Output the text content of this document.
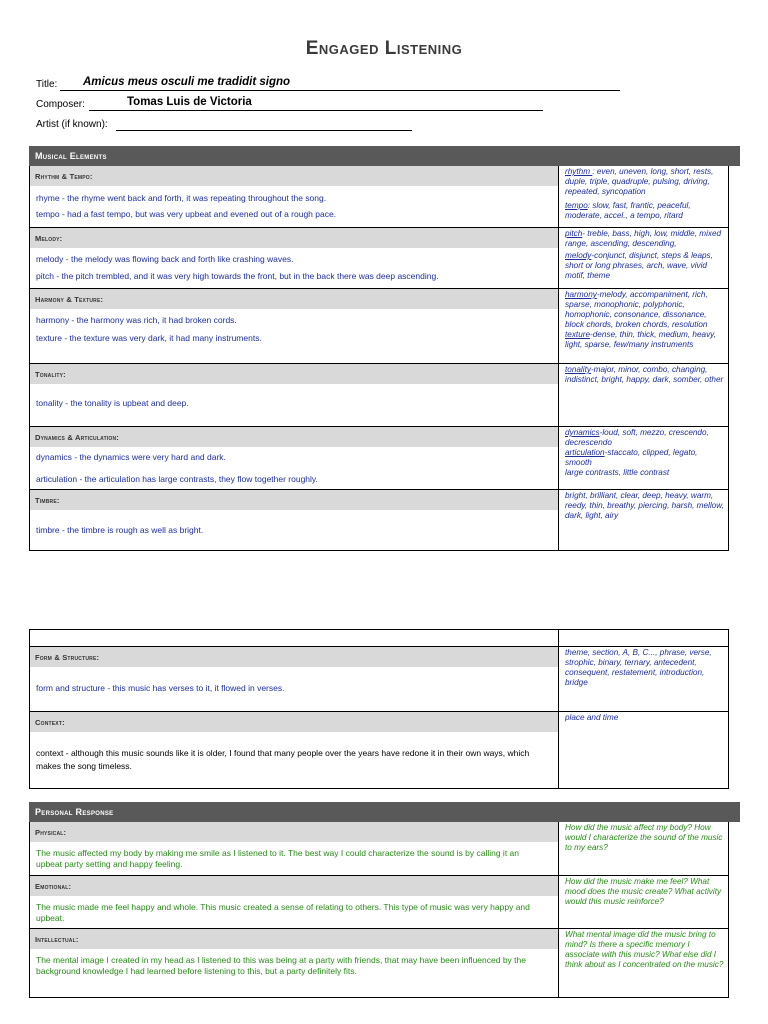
Engaged Listening
Title: Amicus meus osculi me tradidit signo
Composer:	Tomas Luis de Victoria
Artist (if known):
Musical Elements
Rhythm & Tempo:

rhyme - the rhyme went back and forth, it was repeating throughout the song.

tempo - had a fast tempo, but was very upbeat and evened out of a rough pace.

rhythm : even, uneven, long, short, rests, duple, triple, quadruple, pulsing, driving, repeated, syncopation
tempo: slow, fast, frantic, peaceful, moderate, accel., a tempo, ritard
Melody:

melody - the melody was flowing back and forth like crashing waves.

pitch - the pitch trembled, and it was very high towards the front, but in the back there was deep ascending.

pitch- treble, bass, high, low, middle, mixed range, ascending, descending,
melody-conjunct, disjunct, steps & leaps, short or long phrases, arch, wave, vivid motif, theme
Harmony & Texture:

harmony - the harmony was rich, it had broken cords.

texture - the texture was very dark, it had many instruments.

harmony-melody, accompaniment, rich, sparse, monophonic, polyphonic, homophonic, consonance, dissonance, block chords, broken chords, resolution
texture-dense, thin, thick, medium, heavy, light, sparse, few/many instruments
Tonality:

tonality - the tonality is upbeat and deep.

tonality-major, minor, combo, changing, indistinct, bright, happy, dark, somber, other
Dynamics & Articulation:

dynamics - the dynamics were very hard and dark.

articulation - the articulation has large contrasts, they flow together roughly.

dynamics-loud, soft, mezzo, crescendo, decrescendo
articulation-staccato, clipped, legato, smooth
large contrasts, little contrast
Timbre:

timbre - the timbre is rough as well as bright.

bright, brilliant, clear, deep, heavy, warm, reedy, thin, breathy, piercing, harsh, mellow, dark, light, airy
Form & Structure:

form and structure - this music has verses to it, it flowed in verses.

theme, section, A, B, C..., phrase, verse, strophic, binary, ternary, antecedent, consequent, restatement, introduction, bridge
Context:

context - although this music sounds like it is older, I found that many people over the years have redone it in their own ways, which makes the song timeless.

place and time
Personal Response
Physical:

The music affected my body by making me smile as I listened to it. The best way I could characterize the sound is by calling it an upbeat party setting and happy feeling.

How did the music affect my body? How would I characterize the sound of the music to my ears?
Emotional:

The music made me feel happy and whole. This music created a sense of relating to others. This type of music was very happy and upbeat.

How did the music make me feel? What mood does the music create? What activity would this music reinforce?
Intellectual:

The mental image I created in my head as I listened to this was being at a party with friends, that may have been influenced by the background knowledge I had learned before listening to this, but a party definitely fits.

What mental image did the music bring to mind? Is there a specific memory I associate with this music? What else did I think about as I concentrated on the music?
